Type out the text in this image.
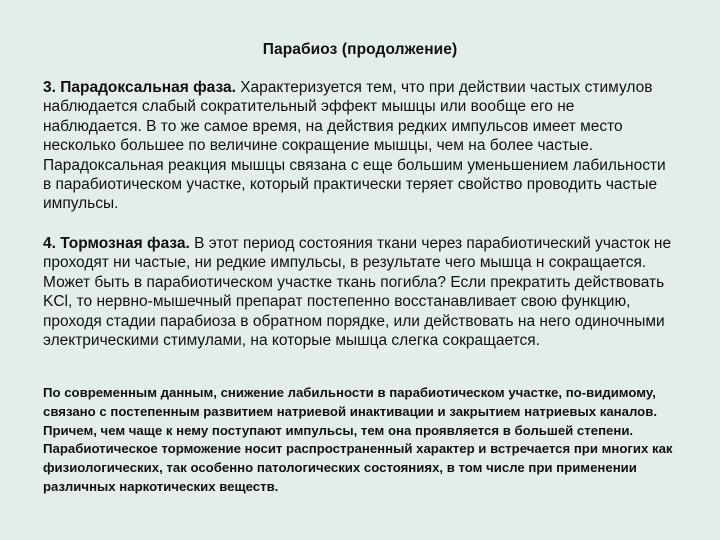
Парабиоз (продолжение)
3. Парадоксальная фаза. Характеризуется тем, что при действии частых стимулов наблюдается слабый сократительный эффект мышцы или вообще его не наблюдается. В то же самое время, на действия редких импульсов имеет место несколько большее по величине сокращение мышцы, чем на более частые. Парадоксальная реакция мышцы связана с еще большим уменьшением лабильности в парабиотическом участке, который практически теряет свойство проводить частые импульсы.
4. Тормозная фаза. В этот период состояния ткани через парабиотический участок не проходят ни частые, ни редкие импульсы, в результате чего мышца н сокращается. Может быть в парабиотическом участке ткань погибла? Если прекратить действовать KCl, то нервно-мышечный препарат постепенно восстанавливает свою функцию, проходя стадии парабиоза в обратном порядке, или действовать на него одиночными электрическими стимулами, на которые мышца слегка сокращается.
По современным данным, снижение лабильности в парабиотическом участке, по-видимому, связано с постепенным развитием натриевой инактивации и закрытием натриевых каналов. Причем, чем чаще к нему поступают импульсы, тем она проявляется в большей степени. Парабиотическое торможение носит распространенный характер и встречается при многих как физиологических, так особенно патологических состояниях, в том числе при применении различных наркотических веществ.
